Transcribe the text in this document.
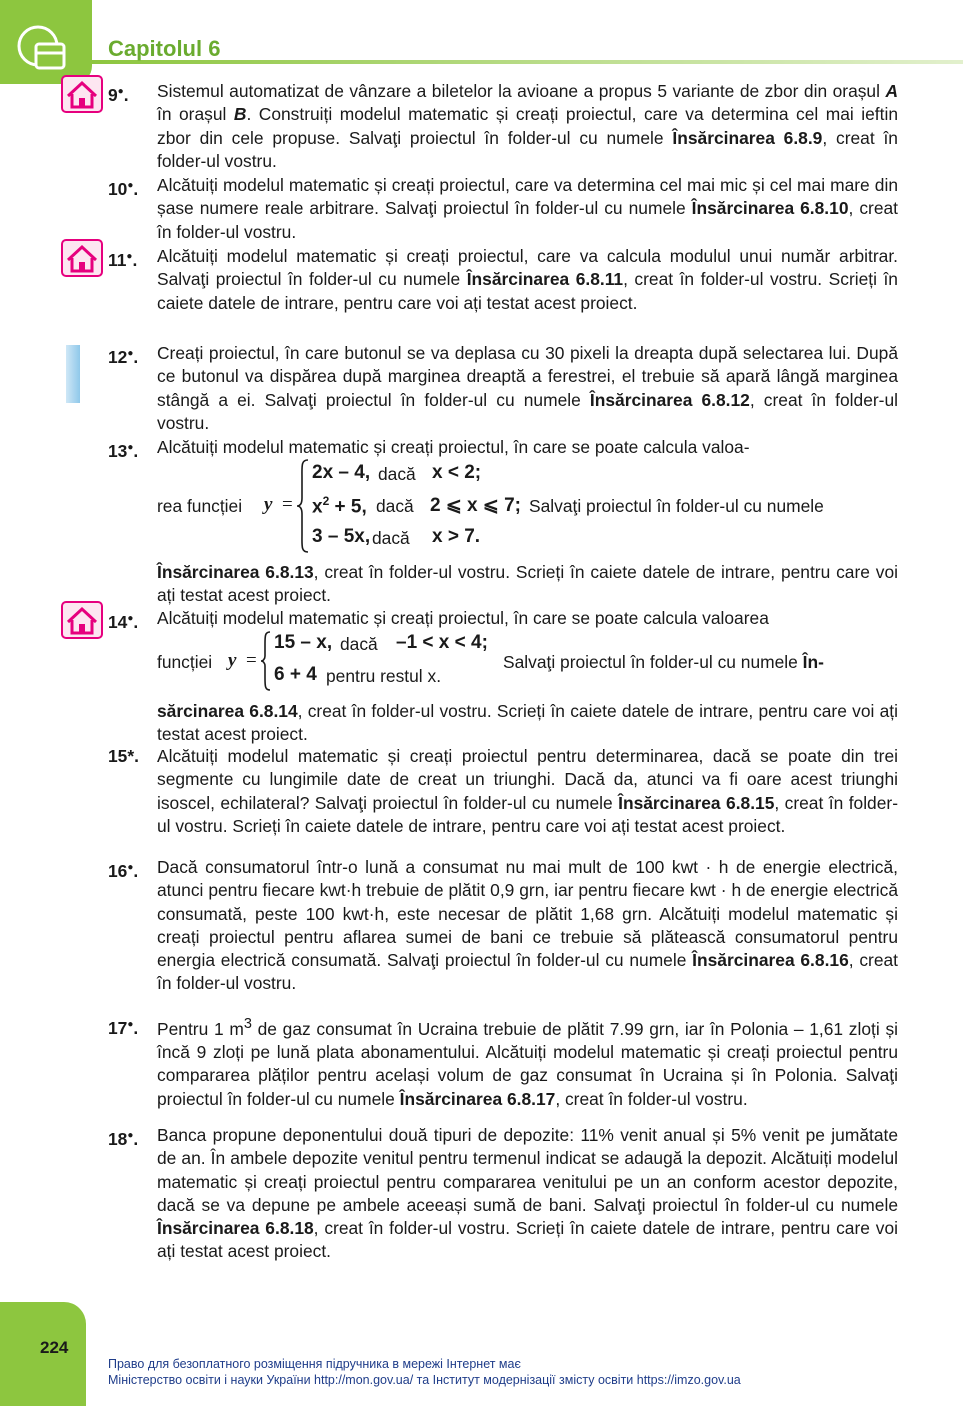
Capitolul 6
9●.	Sistemul automatizat de vânzare a biletelor la avioane a propus 5 variante de zbor din orașul A în orașul B. Construiți modelul matematic și creați proiectul, care va determina cel mai ieftin zbor din cele propuse. Salvaţi proiectul în folder-ul cu numele Însărcinarea 6.8.9, creat în folder-ul vostru.
10●.	Alcătuiți modelul matematic și creați proiectul, care va determina cel mai mic și cel mai mare din șase numere reale arbitrare. Salvaţi proiectul în folder-ul cu numele Însărcinarea 6.8.10, creat în folder-ul vostru.
11●.	Alcătuiți modelul matematic și creați proiectul, care va calcula modulul unui număr arbitrar. Salvaţi proiectul în folder-ul cu numele Însărcinarea 6.8.11, creat în folder-ul vostru. Scrieți în caiete datele de intrare, pentru care voi ați testat acest proiect.
12●.	Creați proiectul, în care butonul se va deplasa cu 30 pixeli la dreapta după selectarea lui. După ce butonul va dispărea după marginea dreaptă a ferestrei, el trebuie să apară lângă marginea stângă a ei. Salvaţi proiectul în folder-ul cu numele Însărcinarea 6.8.12, creat în folder-ul vostru.
13●.	Alcătuiți modelul matematic și creați proiectul, în care se poate calcula valoa-
rea funcției y =
2x – 4, dacă x < 2;
$x^2 + 5$, dacă 2 ⩽ x ⩽ 7; Salvaţi proiectul în folder-ul cu numele
3 – 5x, dacă x > 7.
Însărcinarea 6.8.13, creat în folder-ul vostru. Scrieți în caiete datele de intrare, pentru care voi ați testat acest proiect.
14●.	Alcătuiți modelul matematic și creați proiectul, în care se poate calcula valoarea
funcției y =
15 – x, dacă –1 < x < 4;
6 + 4 pentru restul x.
Salvaţi proiectul în folder-ul cu numele În-
sărcinarea 6.8.14, creat în folder-ul vostru. Scrieți în caiete datele de intrare, pentru care voi ați testat acest proiect.
15*.	Alcătuiți modelul matematic și creați proiectul pentru determinarea, dacă se poate din trei segmente cu lungimile date de creat un triunghi. Dacă da, atunci va fi oare acest triunghi isoscel, echilateral? Salvaţi proiectul în folder-ul cu numele Însărcinarea 6.8.15, creat în folder-ul vostru. Scrieți în caiete datele de intrare, pentru care voi ați testat acest proiect.
16●.	Dacă consumatorul într-o lună a consumat nu mai mult de 100 kwt · h de energie electrică, atunci pentru fiecare kwt·h trebuie de plătit 0,9 grn, iar pentru fiecare kwt · h de energie electrică consumată, peste 100 kwt·h, este necesar de plătit 1,68 grn. Alcătuiți modelul matematic și creați proiectul pentru aflarea sumei de bani ce trebuie să plătească consumatorul pentru energia electrică consumată. Salvaţi proiectul în folder-ul cu numele Însărcinarea 6.8.16, creat în folder-ul vostru.
17●.	Pentru 1 $m^3$ de gaz consumat în Ucraina trebuie de plătit 7.99 grn, iar în Polonia – 1,61 zloți și încă 9 zloți pe lună plata abonamentului. Alcătuiți modelul matematic și creați proiectul pentru compararea plăților pentru același volum de gaz consumat în Ucraina și în Polonia. Salvaţi proiectul în folder-ul cu numele Însărcinarea 6.8.17, creat în folder-ul vostru.
18●.	Banca propune deponentului două tipuri de depozite: 11% venit anual și 5% venit pe jumătate de an. În ambele depozite venitul pentru termenul indicat se adaugă la depozit. Alcătuiți modelul matematic și creați proiectul pentru compararea venitului pe un an conform acestor depozite, dacă se va depune pe ambele aceeași sumă de bani. Salvaţi proiectul în folder-ul cu numele Însărcinarea 6.8.18, creat în folder-ul vostru. Scrieți în caiete datele de intrare, pentru care voi ați testat acest proiect.
224
Право для безоплатного розміщення підручника в мережі Інтернет має
Міністерство освіти і науки України http://mon.gov.ua/ та Інститут модернізації змісту освіти https://imzo.gov.ua
